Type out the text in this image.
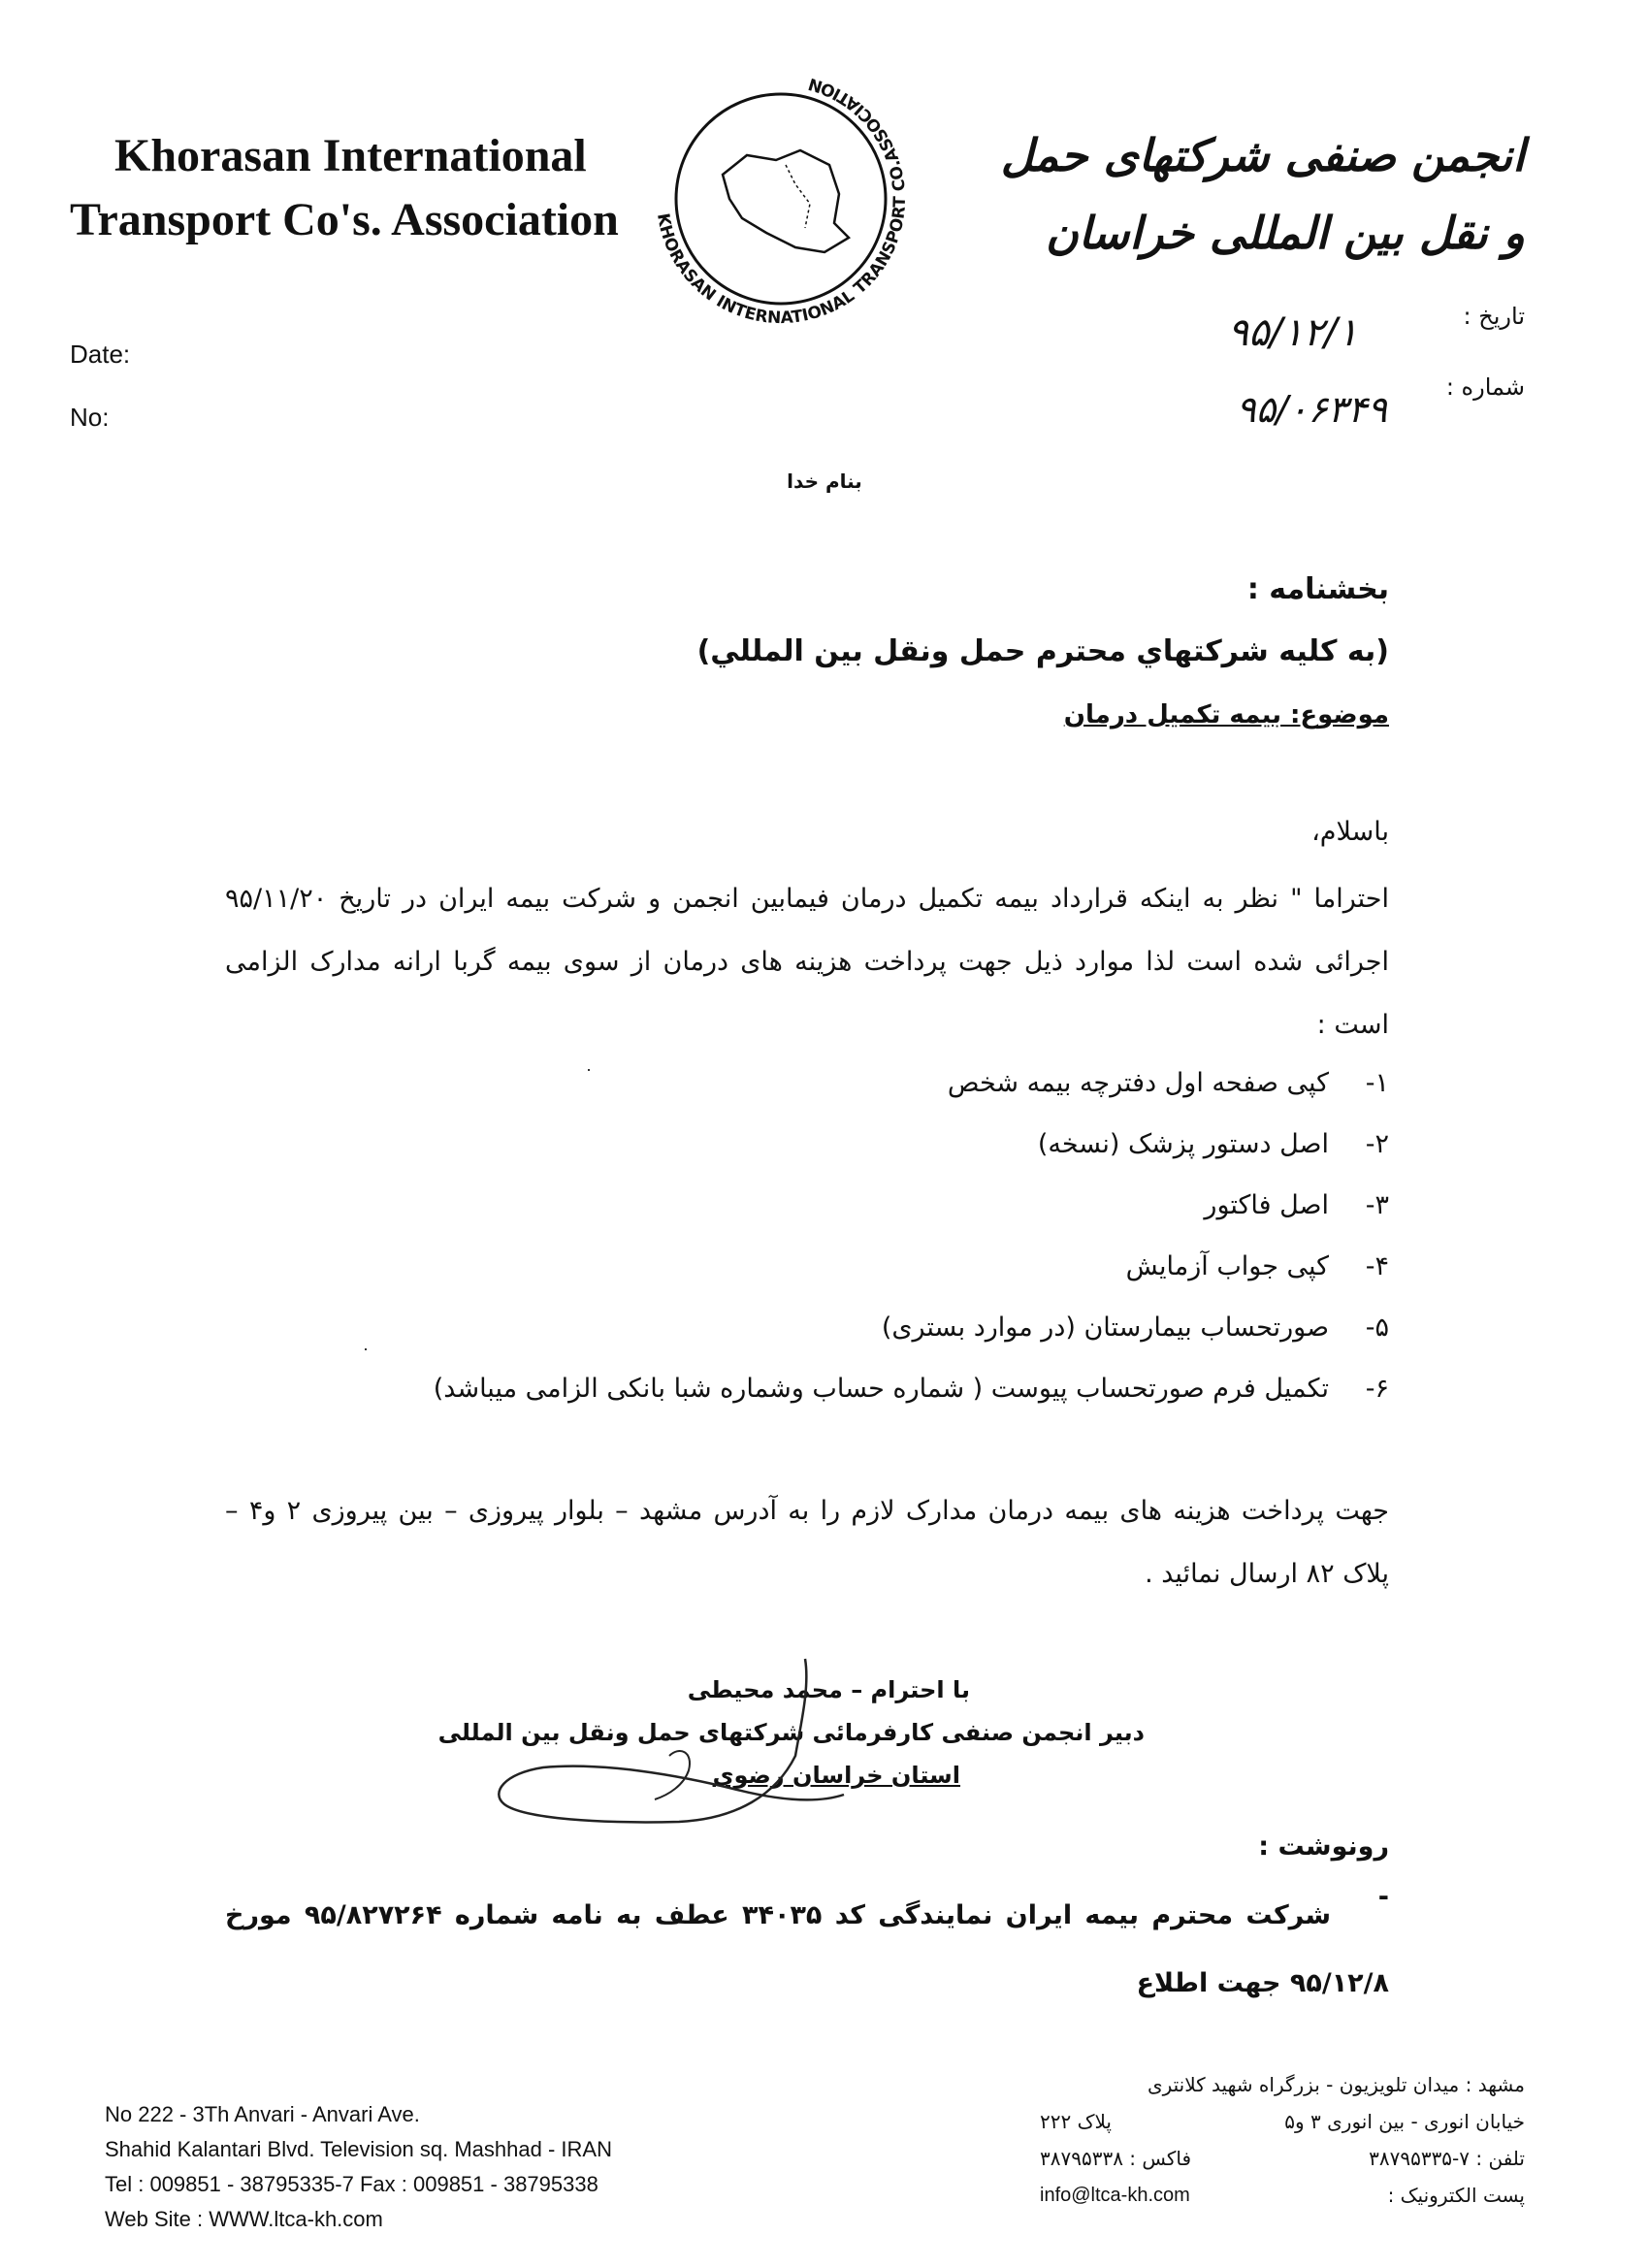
Khorasan International
Transport Co's. Association	KHORASAN INTERNATIONAL TRANSPORT CO.ASSOCIATION
انجمن صنفی شرکتهای حمل و نقل بین المللی خراسان
Date:
No:
تاریخ :
شماره :
۹۵/۱۲/۱
۹۵/۰۶۳۴۹
بنام خدا
بخشنامه :
(به کلیه شرکتهاي محترم حمل ونقل بین المللي)
موضوع: بیمه تکمیل درمان
باسلام،
احتراما " نظر به اینکه قرارداد بیمه تکمیل درمان فیمابین انجمن و شرکت بیمه ایران در تاریخ ۹۵/۱۱/۲۰ اجرائی شده است لذا موارد ذیل جهت پرداخت هزینه های درمان از سوی بیمه گربا ارانه مدارک الزامی است :
۱-
کپی صفحه اول دفترچه بیمه شخص
۲-
اصل دستور پزشک (نسخه)
۳-
اصل فاکتور
۴-
کپی جواب آزمایش
۵-
صورتحساب بیمارستان (در موارد بستری)
۶-
تکمیل فرم صورتحساب پیوست ( شماره حساب وشماره شبا بانکی الزامی میباشد)
جهت پرداخت هزینه های بیمه درمان مدارک لازم را به آدرس مشهد – بلوار پیروزی – بین پیروزی ۲ و۴ – پلاک ۸۲ ارسال نمائید .
با احترام – محمد محیطی
دبیر انجمن صنفی کارفرمائی شرکتهای حمل ونقل بین المللی
استان خراسان رضوی
رونوشت :
-
شرکت محترم بیمه ایران نمایندگی کد ۳۴۰۳۵ عطف به نامه شماره ۹۵/۸۲۷۲۶۴ مورخ ۹۵/۱۲/۸ جهت اطلاع
No 222 - 3Th Anvari - Anvari Ave.
Shahid Kalantari Blvd. Television sq. Mashhad - IRAN
Tel : 009851 - 38795335-7 Fax : 009851 - 38795338
Web Site : WWW.ltca-kh.com
مشهد : میدان تلویزیون - بزرگراه شهید کلانتری
خیابان انوری - بین انوری ۳ و۵
پلاک ۲۲۲
تلفن : ۷-۳۸۷۹۵۳۳۵
فاکس : ۳۸۷۹۵۳۳۸
پست الکترونیک :
info@ltca-kh.com
